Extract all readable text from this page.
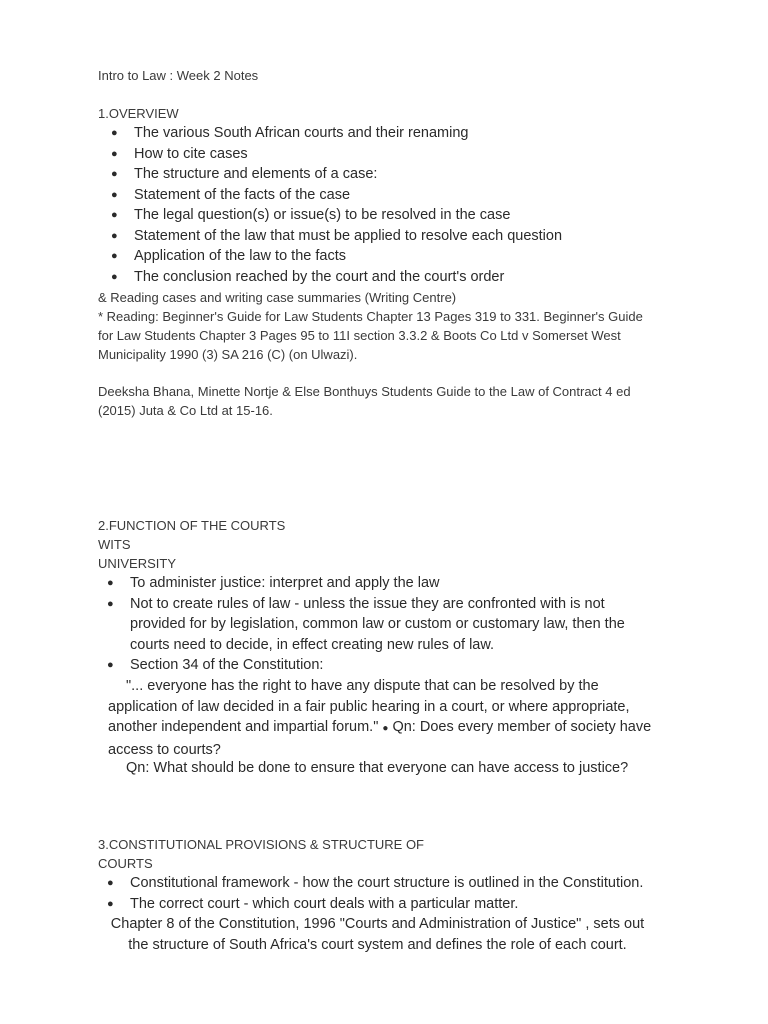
Intro to Law : Week 2 Notes
1.OVERVIEW
● The various South African courts and their renaming
● How to cite cases
● The structure and elements of a case:
● Statement of the facts of the case
● The legal question(s) or issue(s) to be resolved in the case
● Statement of the law that must be applied to resolve each question
● Application of the law to the facts
● The conclusion reached by the court and the court's order
& Reading cases and writing case summaries (Writing Centre)
* Reading: Beginner's Guide for Law Students Chapter 13 Pages 319 to 331. Beginner's Guide for Law Students Chapter 3 Pages 95 to 11I section 3.3.2 & Boots Co Ltd v Somerset West Municipality 1990 (3) SA 216 (C) (on Ulwazi).
Deeksha Bhana, Minette Nortje & Else Bonthuys Students Guide to the Law of Contract 4 ed (2015) Juta & Co Ltd at 15-16.
2.FUNCTION OF THE COURTS
WITS
UNIVERSITY
● To administer justice: interpret and apply the law
● Not to create rules of law - unless the issue they are confronted with is not provided for by legislation, common law or custom or customary law, then the courts need to decide, in effect creating new rules of law.
● Section 34 of the Constitution:
"... everyone has the right to have any dispute that can be resolved by the application of law decided in a fair public hearing in a court, or where appropriate, another independent and impartial forum." ● Qn: Does every member of society have access to courts?
Qn: What should be done to ensure that everyone can have access to justice?
3.CONSTITUTIONAL PROVISIONS & STRUCTURE OF
COURTS
● Constitutional framework - how the court structure is outlined in the Constitution.
● The correct court - which court deals with a particular matter.
Chapter 8 of the Constitution, 1996 "Courts and Administration of Justice" , sets out the structure of South Africa's court system and defines the role of each court.
